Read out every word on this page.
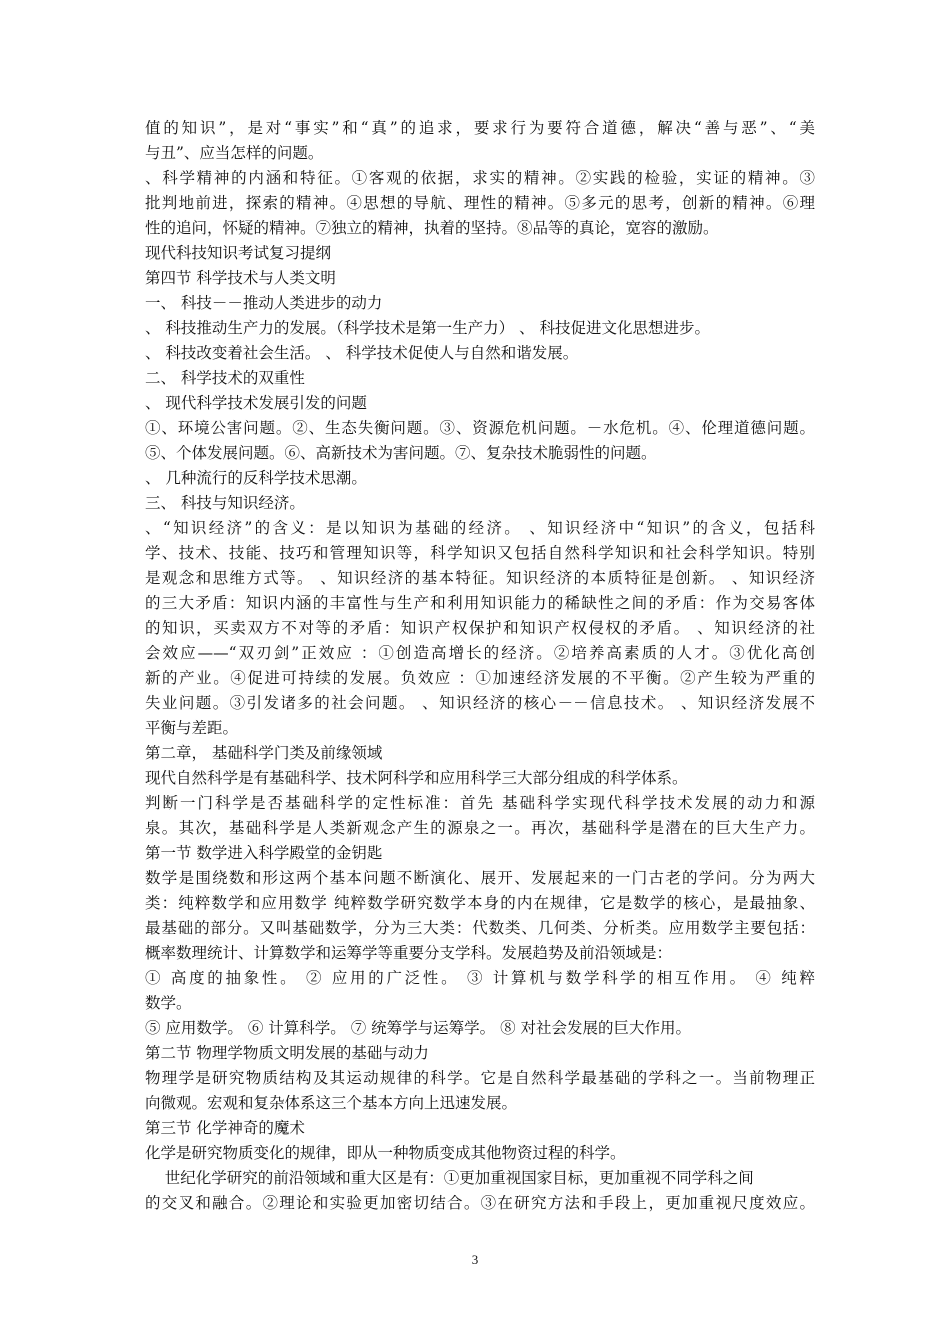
值的知识”，是对“事实”和“真”的追求，要求行为要符合道德，解决“善与恶”、“美
与丑”、应当怎样的问题。
、科学精神的内涵和特征。①客观的依据，求实的精神。②实践的检验，实证的精神。③
批判地前进，探索的精神。④思想的导航、理性的精神。⑤多元的思考，创新的精神。⑥理
性的追问，怀疑的精神。⑦独立的精神，执着的坚持。⑧品等的真论，宽容的激励。
现代科技知识考试复习提纲
第四节 科学技术与人类文明
一、 科技－－推动人类进步的动力
、 科技推动生产力的发展。（科学技术是第一生产力） 、 科技促进文化思想进步。
、 科技改变着社会生活。 、 科学技术促使人与自然和谐发展。
二、 科学技术的双重性
、 现代科学技术发展引发的问题
①、环境公害问题。②、生态失衡问题。③、资源危机问题。－水危机。④、伦理道德问题。
⑤、个体发展问题。⑥、高新技术为害问题。⑦、复杂技术脆弱性的问题。
、 几种流行的反科学技术思潮。
三、 科技与知识经济。
、“知识经济”的含义：是以知识为基础的经济。 、知识经济中“知识”的含义，包括科
学、技术、技能、技巧和管理知识等，科学知识又包括自然科学知识和社会科学知识。特别
是观念和思维方式等。 、知识经济的基本特征。知识经济的本质特征是创新。 、知识经济
的三大矛盾：知识内涵的丰富性与生产和利用知识能力的稀缺性之间的矛盾：作为交易客体
的知识，买卖双方不对等的矛盾：知识产权保护和知识产权侵权的矛盾。 、知识经济的社
会效应——“双刃剑”正效应 ：①创造高增长的经济。②培养高素质的人才。③优化高创
新的产业。④促进可持续的发展。负效应 ：①加速经济发展的不平衡。②产生较为严重的
失业问题。③引发诸多的社会问题。 、知识经济的核心－－信息技术。 、知识经济发展不
平衡与差距。
第二章， 基础科学门类及前缘领域
现代自然科学是有基础科学、技术阿科学和应用科学三大部分组成的科学体系。
判断一门科学是否基础科学的定性标准：首先 基础科学实现代科学技术发展的动力和源
泉。其次，基础科学是人类新观念产生的源泉之一。再次，基础科学是潜在的巨大生产力。
第一节 数学进入科学殿堂的金钥匙
数学是围绕数和形这两个基本问题不断演化、展开、发展起来的一门古老的学问。分为两大
类：纯粹数学和应用数学 纯粹数学研究数学本身的内在规律，它是数学的核心，是最抽象、
最基础的部分。又叫基础数学，分为三大类：代数类、几何类、分析类。应用数学主要包括：
概率数理统计、计算数学和运筹学等重要分支学科。发展趋势及前沿领域是：
① 高度的抽象性。 ② 应用的广泛性。 ③ 计算机与数学科学的相互作用。 ④ 纯粹
数学。
⑤ 应用数学。 ⑥ 计算科学。 ⑦ 统筹学与运筹学。 ⑧ 对社会发展的巨大作用。
第二节 物理学物质文明发展的基础与动力
物理学是研究物质结构及其运动规律的科学。它是自然科学最基础的学科之一。当前物理正
向微观。宏观和复杂体系这三个基本方向上迅速发展。
第三节 化学神奇的魔术
化学是研究物质变化的规律，即从一种物质变成其他物资过程的科学。
世纪化学研究的前沿领域和重大区是有：①更加重视国家目标，更加重视不同学科之间
的交叉和融合。②理论和实验更加密切结合。③在研究方法和手段上，更加重视尺度效应。
3
